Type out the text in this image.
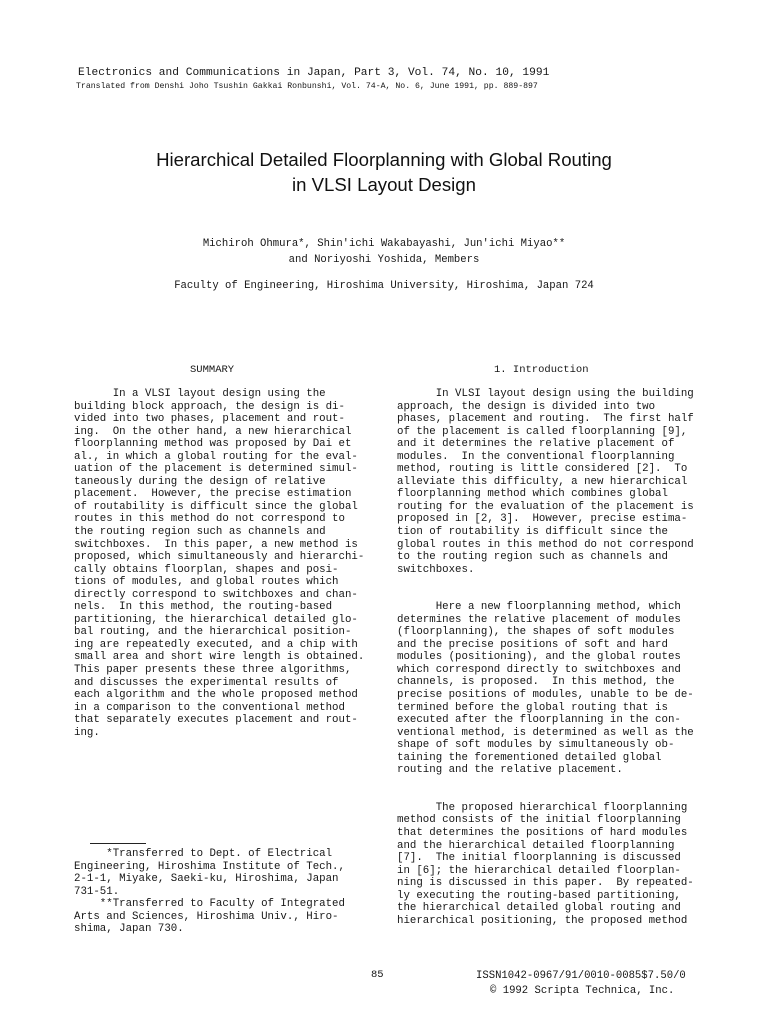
Electronics and Communications in Japan, Part 3, Vol. 74, No. 10, 1991
Translated from Denshi Joho Tsushin Gakkai Ronbunshi, Vol. 74-A, No. 6, June 1991, pp. 889-897
Hierarchical Detailed Floorplanning with Global Routing
in VLSI Layout Design
Michiroh Ohmura*, Shin'ichi Wakabayashi, Jun'ichi Miyao**
and Noriyoshi Yoshida, Members
Faculty of Engineering, Hiroshima University, Hiroshima, Japan 724
SUMMARY
In a VLSI layout design using the
building block approach, the design is di-
vided into two phases, placement and rout-
ing.  On the other hand, a new hierarchical
floorplanning method was proposed by Dai et
al., in which a global routing for the eval-
uation of the placement is determined simul-
taneously during the design of relative
placement.  However, the precise estimation
of routability is difficult since the global
routes in this method do not correspond to
the routing region such as channels and
switchboxes.  In this paper, a new method is
proposed, which simultaneously and hierarchi-
cally obtains floorplan, shapes and posi-
tions of modules, and global routes which
directly correspond to switchboxes and chan-
nels.  In this method, the routing-based
partitioning, the hierarchical detailed glo-
bal routing, and the hierarchical position-
ing are repeatedly executed, and a chip with
small area and short wire length is obtained.
This paper presents these three algorithms,
and discusses the experimental results of
each algorithm and the whole proposed method
in a comparison to the conventional method
that separately executes placement and rout-
ing.
*Transferred to Dept. of Electrical
Engineering, Hiroshima Institute of Tech.,
2-1-1, Miyake, Saeki-ku, Hiroshima, Japan
731-51.
**Transferred to Faculty of Integrated
Arts and Sciences, Hiroshima Univ., Hiro-
shima, Japan 730.
1. Introduction
In VLSI layout design using the building
approach, the design is divided into two
phases, placement and routing.  The first half
of the placement is called floorplanning [9],
and it determines the relative placement of
modules.  In the conventional floorplanning
method, routing is little considered [2].  To
alleviate this difficulty, a new hierarchical
floorplanning method which combines global
routing for the evaluation of the placement is
proposed in [2, 3].  However, precise estima-
tion of routability is difficult since the
global routes in this method do not correspond
to the routing region such as channels and
switchboxes.
Here a new floorplanning method, which
determines the relative placement of modules
(floorplanning), the shapes of soft modules
and the precise positions of soft and hard
modules (positioning), and the global routes
which correspond directly to switchboxes and
channels, is proposed.  In this method, the
precise positions of modules, unable to be de-
termined before the global routing that is
executed after the floorplanning in the con-
ventional method, is determined as well as the
shape of soft modules by simultaneously ob-
taining the forementioned detailed global
routing and the relative placement.
The proposed hierarchical floorplanning
method consists of the initial floorplanning
that determines the positions of hard modules
and the hierarchical detailed floorplanning
[7].  The initial floorplanning is discussed
in [6]; the hierarchical detailed floorplan-
ning is discussed in this paper.  By repeated-
ly executing the routing-based partitioning,
the hierarchical detailed global routing and
hierarchical positioning, the proposed method
85	ISSN1042-0967/91/0010-0085$7.50/0
© 1992 Scripta Technica, Inc.
